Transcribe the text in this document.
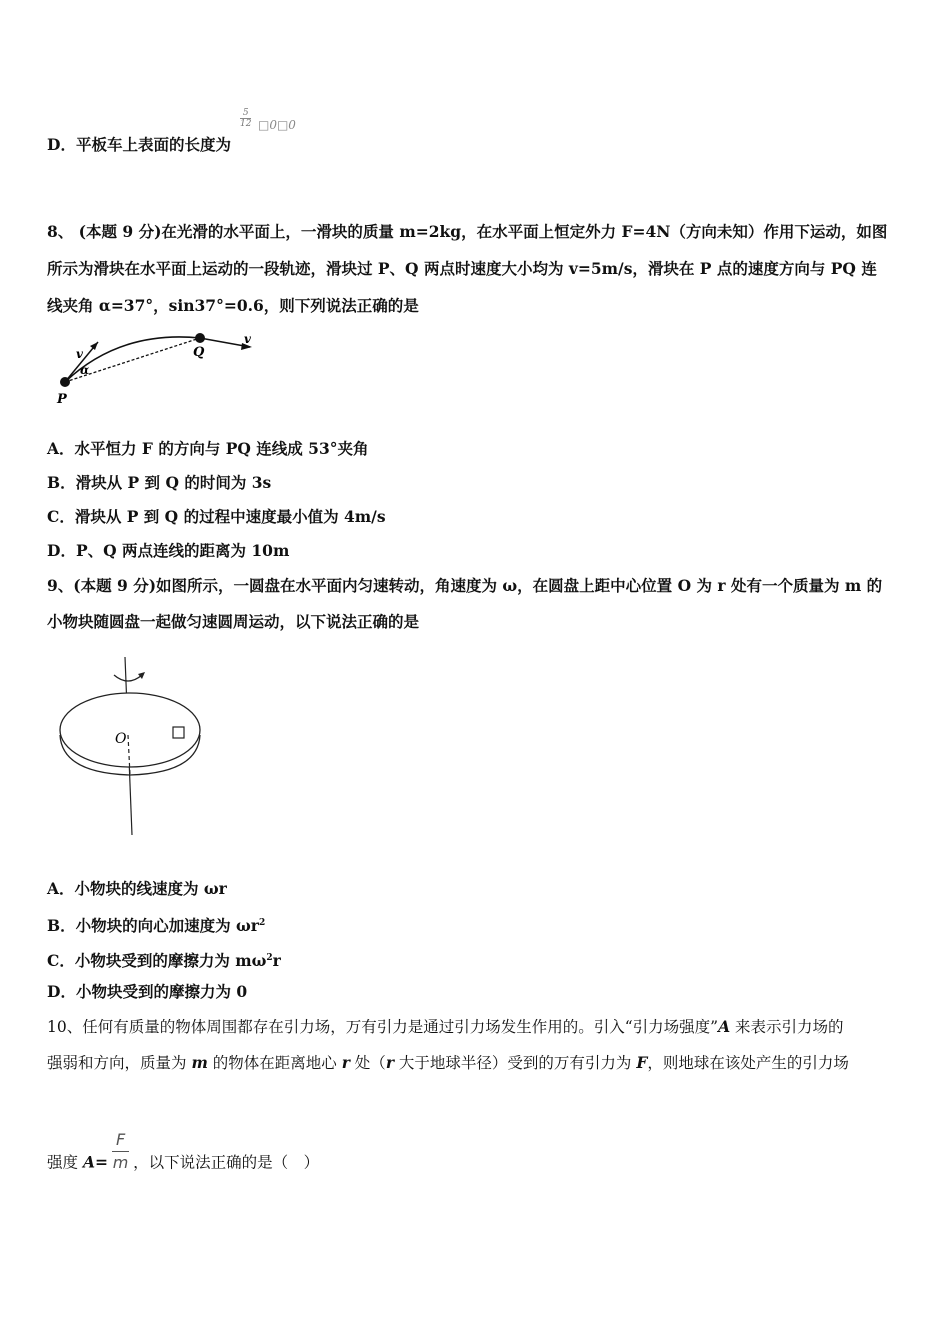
D．平板车上表面的长度为
$\frac{5}{12}$ □0□0
8、 (本题 9 分)在光滑的水平面上，一滑块的质量 m=2kg，在水平面上恒定外力 F=4N（方向未知）作用下运动，如图
所示为滑块在水平面上运动的一段轨迹，滑块过 P、Q 两点时速度大小均为 v=5m/s，滑块在 P 点的速度方向与 PQ 连
线夹角 α=37°，sin37°=0.6，则下列说法正确的是
P
Q
v
v
α
A．水平恒力 F 的方向与 PQ 连线成 53°夹角
B．滑块从 P 到 Q 的时间为 3s
C．滑块从 P 到 Q 的过程中速度最小值为 4m/s
D．P、Q 两点连线的距离为 10m
9、(本题 9 分)如图所示，一圆盘在水平面内匀速转动，角速度为 ω，在圆盘上距中心位置 O 为 r 处有一个质量为 m 的
小物块随圆盘一起做匀速圆周运动，以下说法正确的是
O
A．小物块的线速度为 ωr
B．小物块的向心加速度为 $\omega r^2$
C．小物块受到的摩擦力为 $m\omega^2r$
D．小物块受到的摩擦力为 0
10、任何有质量的物体周围都存在引力场，万有引力是通过引力场发生作用的。引入“引力场强度”A 来表示引力场的
强弱和方向，质量为 m 的物体在距离地心 r 处（r 大于地球半径）受到的万有引力为 F，则地球在该处产生的引力场
强度 $A= \frac{F}{m}$ ，以下说法正确的是（　）
